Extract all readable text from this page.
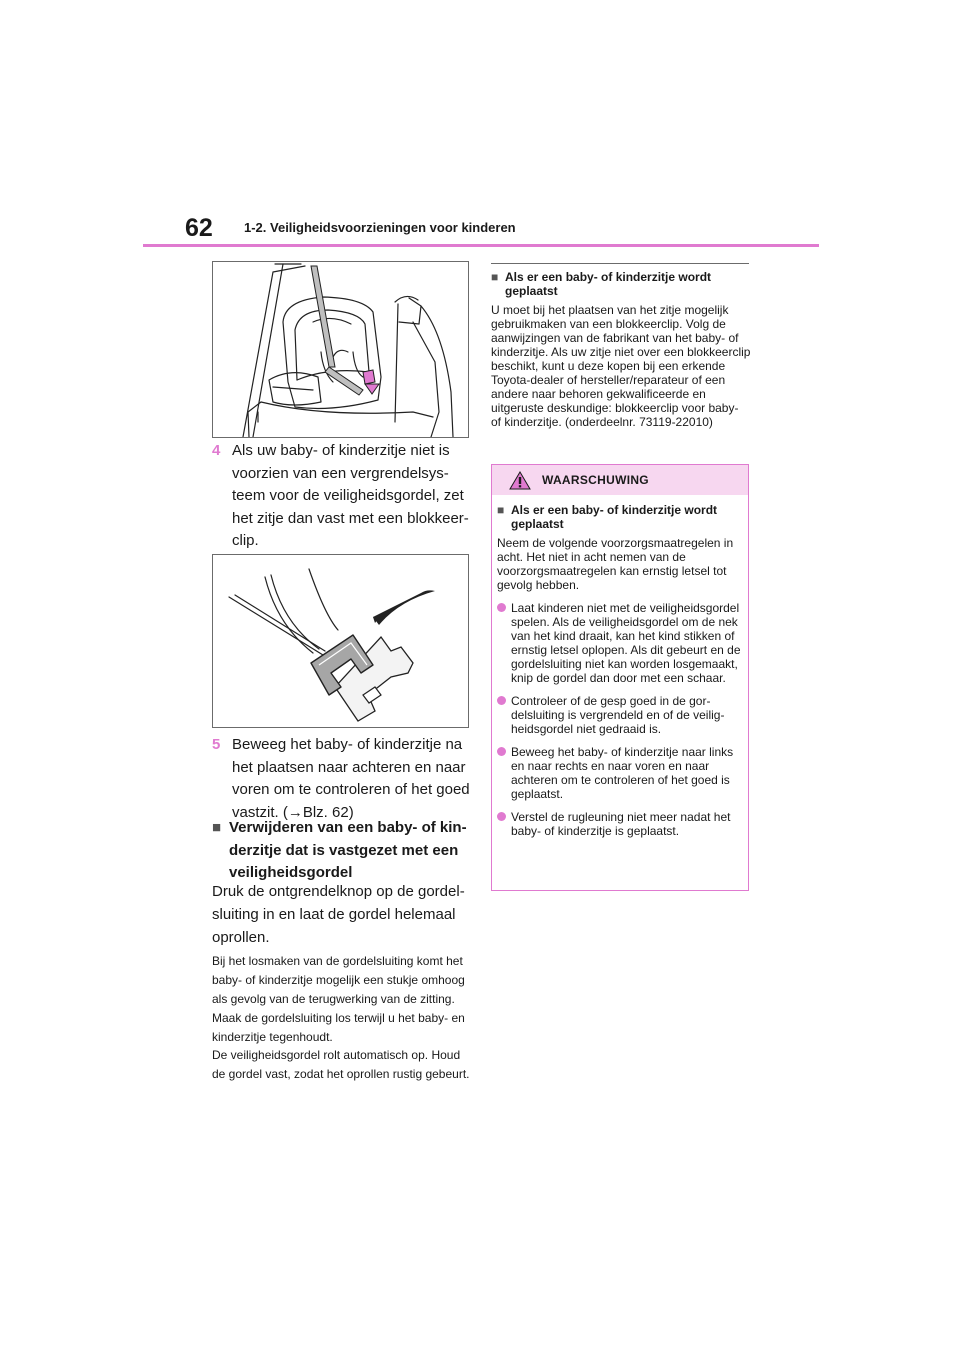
62 1-2. Veiligheidsvoorzieningen voor kinderen
4 Als uw baby- of kinderzitje niet is voorzien van een vergrendelsysteem voor de veiligheidsgordel, zet het zitje dan vast met een blokkeerclip.
5 Beweeg het baby- of kinderzitje na het plaatsen naar achteren en naar voren om te controleren of het goed vastzit. (→Blz. 62)
■ Verwijderen van een baby- of kinderzitje dat is vastgezet met een veiligheidsgordel

Druk de ontgrendelknop op de gordelsluiting in en laat de gordel helemaal oprollen.

Bij het losmaken van de gordelsluiting komt het baby- of kinderzitje mogelijk een stukje omhoog als gevolg van de terugwerking van de zitting. Maak de gordelsluiting los terwijl u het baby- en kinderzitje tegenhoudt.

De veiligheidsgordel rolt automatisch op. Houd de gordel vast, zodat het oprollen rustig gebeurt.

■ Als er een baby- of kinderzitje wordt geplaatst

U moet bij het plaatsen van het zitje mogelijk gebruikmaken van een blokkeerclip. Volg de aanwijzingen van de fabrikant van het baby- of kinderzitje. Als uw zitje niet over een blokkeerclip beschikt, kunt u deze kopen bij een erkende Toyota-dealer of hersteller/reparateur of een andere naar behoren gekwalificeerde en uitgeruste deskundige: blokkeerclip voor baby- of kinderzitje. (onderdeelnr. 73119-22010)

WAARSCHUWING
■ Als er een baby- of kinderzitje wordt geplaatst

Neem de volgende voorzorgsmaatregelen in acht. Het niet in acht nemen van de voorzorgsmaatregelen kan ernstig letsel tot gevolg hebben.

Laat kinderen niet met de veiligheidsgordel spelen. Als de veiligheidsgordel om de nek van het kind draait, kan het kind stikken of ernstig letsel oplopen. Als dit gebeurt en de gordelsluiting niet kan worden losgemaakt, knip de gordel dan door met een schaar.
Controleer of de gesp goed in de gordelsluiting is vergrendeld en of de veiligheidsgordel niet gedraaid is.
Beweeg het baby- of kinderzitje naar links en naar rechts en naar voren en naar achteren om te controleren of het goed is geplaatst.
Verstel de rugleuning niet meer nadat het baby- of kinderzitje is geplaatst.
